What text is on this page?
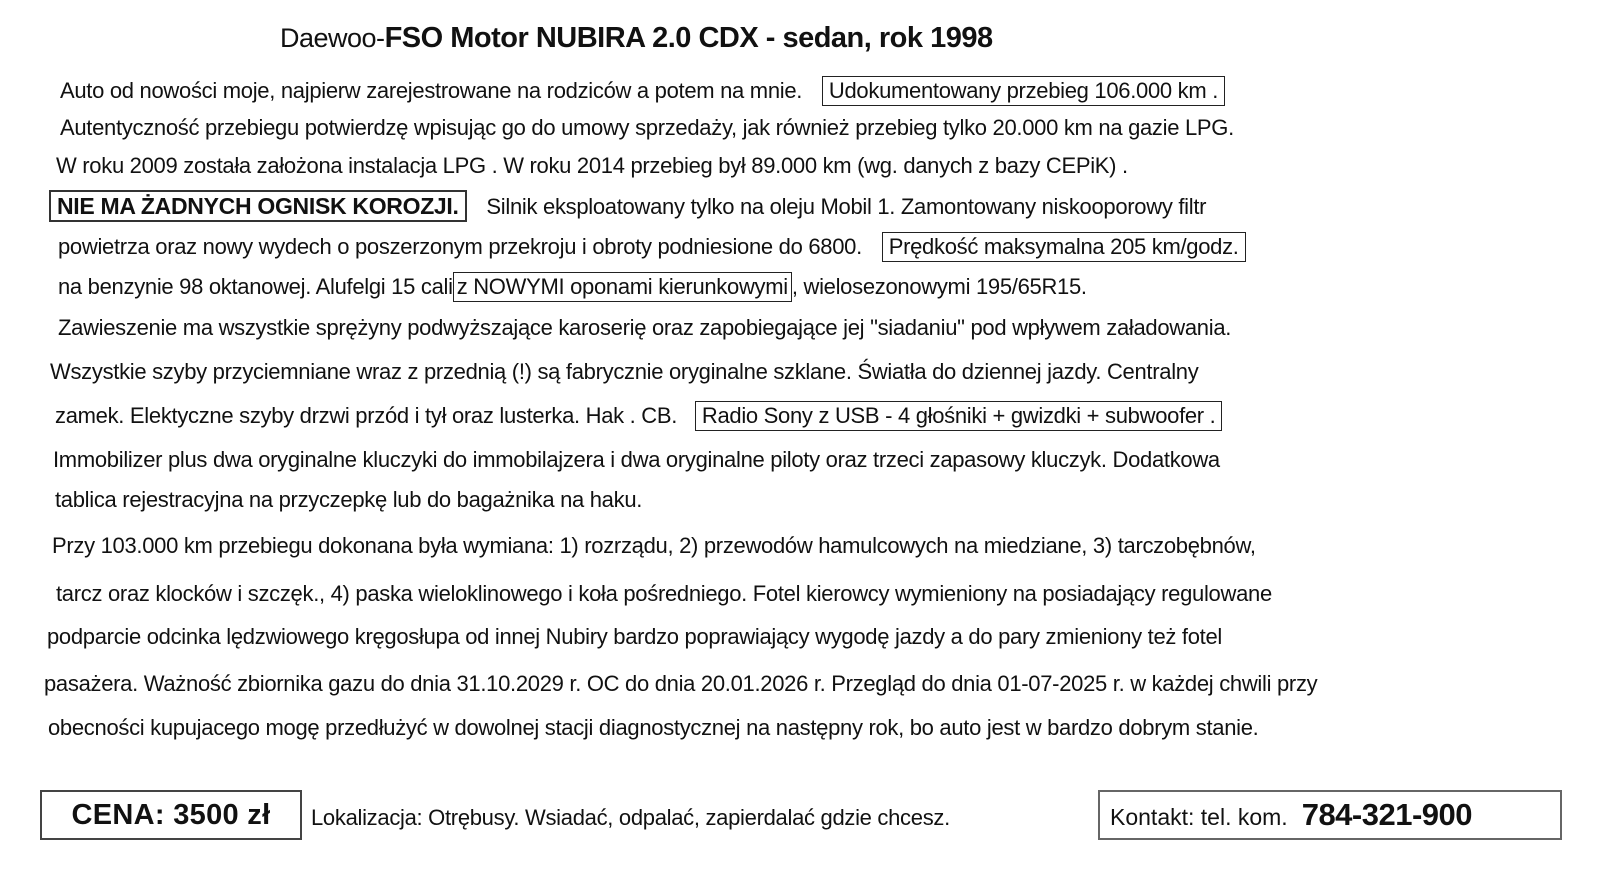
Daewoo-FSO Motor NUBIRA 2.0 CDX - sedan, rok 1998
Auto od nowości moje, najpierw zarejestrowane na rodziców a potem na mnie. Udokumentowany przebieg 106.000 km .
Autentyczność przebiegu potwierdzę wpisując go do umowy sprzedaży, jak również przebieg tylko 20.000 km na gazie LPG.
W roku 2009 została założona instalacja LPG . W roku 2014 przebieg był 89.000 km (wg. danych z bazy CEPiK) .
NIE MA ŻADNYCH OGNISK KOROZJI. Silnik eksploatowany tylko na oleju Mobil 1. Zamontowany niskooporowy filtr
powietrza oraz nowy wydech o poszerzonym przekroju i obroty podniesione do 6800. Prędkość maksymalna 205 km/godz.
na benzynie 98 oktanowej. Alufelgi 15 cali z NOWYMI oponami kierunkowymi , wielosezonowymi 195/65R15.
Zawieszenie ma wszystkie sprężyny podwyższające karoserię oraz zapobiegające jej "siadaniu" pod wpływem załadowania.
Wszystkie szyby przyciemniane wraz z przednią (!) są fabrycznie oryginalne szklane. Światła do dziennej jazdy. Centralny
zamek. Elektyczne szyby drzwi przód i tył oraz lusterka. Hak . CB. Radio Sony z USB - 4 głośniki + gwizdki + subwoofer .
Immobilizer plus dwa oryginalne kluczyki do immobilajzera i dwa oryginalne piloty oraz trzeci zapasowy kluczyk. Dodatkowa
tablica rejestracyjna na przyczepkę lub do bagażnika na haku.
Przy 103.000 km przebiegu dokonana była wymiana: 1) rozrządu, 2) przewodów hamulcowych na miedziane, 3) tarczobębnów,
tarcz oraz klocków i szczęk., 4) paska wieloklinowego i koła pośredniego. Fotel kierowcy wymieniony na posiadający regulowane
podparcie odcinka lędzwiowego kręgosłupa od innej Nubiry bardzo poprawiający wygodę jazdy a do pary zmieniony też fotel
pasażera. Ważność zbiornika gazu do dnia 31.10.2029 r. OC do dnia 20.01.2026 r. Przegląd do dnia 01-07-2025 r. w każdej chwili przy
obecności kupujacego mogę przedłużyć w dowolnej stacji diagnostycznej na następny rok, bo auto jest w bardzo dobrym stanie.
CENA: 3500 zł	Lokalizacja: Otrębusy. Wsiadać, odpalać, zapierdalać gdzie chcesz.	Kontakt: tel. kom. 784-321-900
